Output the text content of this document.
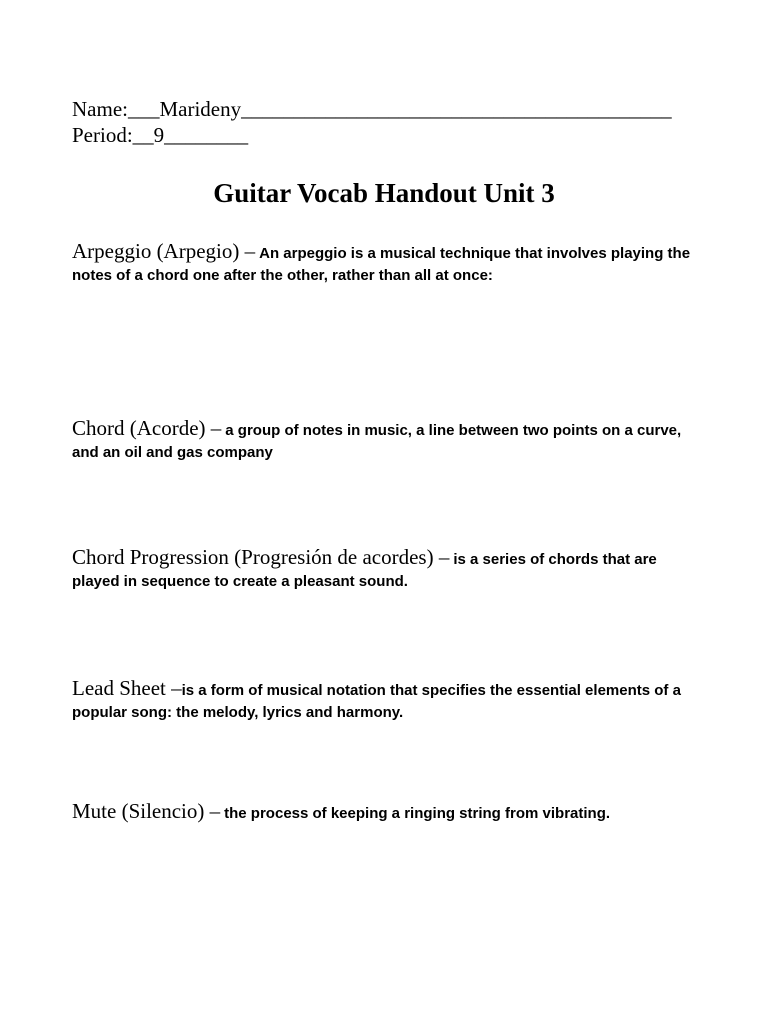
Name:___Marideny_________________________________________
Period:__9________
Guitar Vocab Handout Unit 3

Arpeggio (Arpegio) – An arpeggio is a musical technique that involves playing the notes of a chord one after the other, rather than all at once:

Chord (Acorde) – a group of notes in music, a line between two points on a curve, and an oil and gas company

Chord Progression (Progresión de acordes) – is a series of chords that are played in sequence to create a pleasant sound.

Lead Sheet –is a form of musical notation that specifies the essential elements of a popular song: the melody, lyrics and harmony.

Mute (Silencio) – the process of keeping a ringing string from vibrating.
